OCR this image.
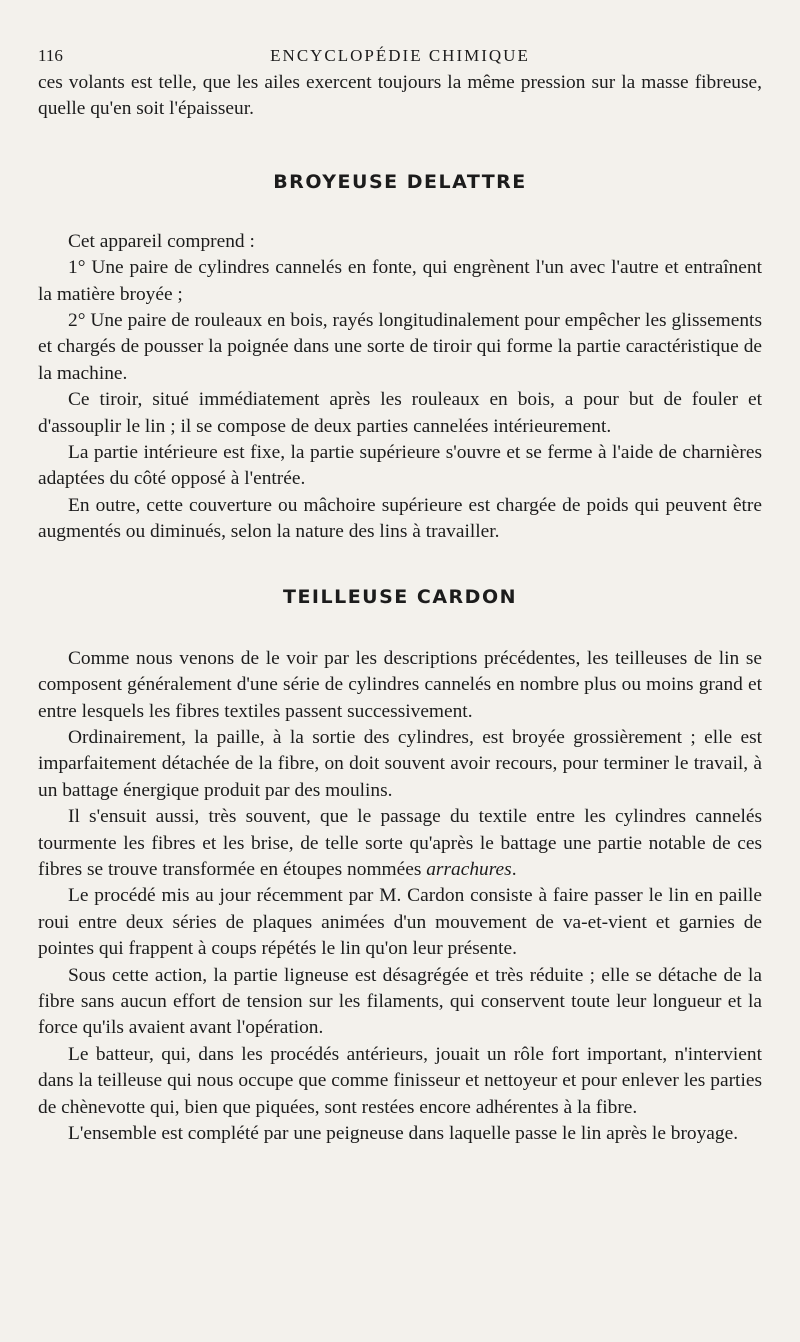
116	ENCYCLOPÉDIE CHIMIQUE

ces volants est telle, que les ailes exercent toujours la même pression sur la masse fibreuse, quelle qu'en soit l'épaisseur.

BROYEUSE DELATTRE

Cet appareil comprend :

1° Une paire de cylindres cannelés en fonte, qui engrènent l'un avec l'autre et entraînent la matière broyée ;

2° Une paire de rouleaux en bois, rayés longitudinalement pour empêcher les glissements et chargés de pousser la poignée dans une sorte de tiroir qui forme la partie caractéristique de la machine.

Ce tiroir, situé immédiatement après les rouleaux en bois, a pour but de fouler et d'assouplir le lin ; il se compose de deux parties cannelées intérieurement.

La partie intérieure est fixe, la partie supérieure s'ouvre et se ferme à l'aide de charnières adaptées du côté opposé à l'entrée.

En outre, cette couverture ou mâchoire supérieure est chargée de poids qui peuvent être augmentés ou diminués, selon la nature des lins à travailler.

TEILLEUSE CARDON

Comme nous venons de le voir par les descriptions précédentes, les teilleuses de lin se composent généralement d'une série de cylindres cannelés en nombre plus ou moins grand et entre lesquels les fibres textiles passent successivement.

Ordinairement, la paille, à la sortie des cylindres, est broyée grossièrement ; elle est imparfaitement détachée de la fibre, on doit souvent avoir recours, pour terminer le travail, à un battage énergique produit par des moulins.

Il s'ensuit aussi, très souvent, que le passage du textile entre les cylindres cannelés tourmente les fibres et les brise, de telle sorte qu'après le battage une partie notable de ces fibres se trouve transformée en étoupes nommées arrachures.

Le procédé mis au jour récemment par M. Cardon consiste à faire passer le lin en paille roui entre deux séries de plaques animées d'un mouvement de va-et-vient et garnies de pointes qui frappent à coups répétés le lin qu'on leur présente.

Sous cette action, la partie ligneuse est désagrégée et très réduite ; elle se détache de la fibre sans aucun effort de tension sur les filaments, qui conservent toute leur longueur et la force qu'ils avaient avant l'opération.

Le batteur, qui, dans les procédés antérieurs, jouait un rôle fort important, n'intervient dans la teilleuse qui nous occupe que comme finisseur et nettoyeur et pour enlever les parties de chènevotte qui, bien que piquées, sont restées encore adhérentes à la fibre.

L'ensemble est complété par une peigneuse dans laquelle passe le lin après le broyage.
